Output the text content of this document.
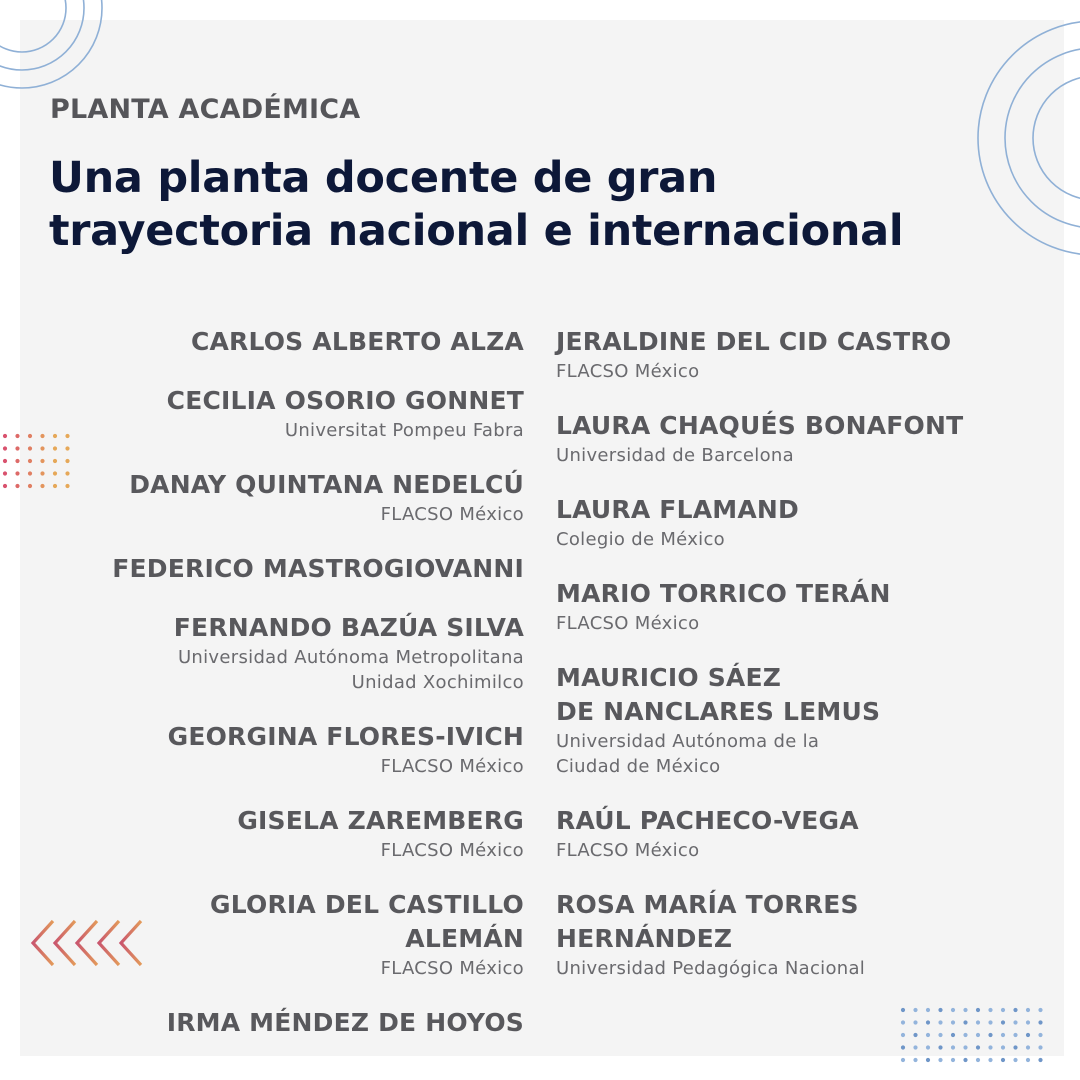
PLANTA ACADÉMICA
Una planta docente de gran
trayectoria nacional e internacional
CARLOS ALBERTO ALZA
CECILIA OSORIO GONNET
Universitat Pompeu Fabra
DANAY QUINTANA NEDELCÚ
FLACSO México
FEDERICO MASTROGIOVANNI
FERNANDO BAZÚA SILVA
Universidad Autónoma Metropolitana
Unidad Xochimilco
GEORGINA FLORES-IVICH
FLACSO México
GISELA ZAREMBERG
FLACSO México
GLORIA DEL CASTILLO
ALEMÁN
FLACSO México
IRMA MÉNDEZ DE HOYOS
JERALDINE DEL CID CASTRO
FLACSO México
LAURA CHAQUÉS BONAFONT
Universidad de Barcelona
LAURA FLAMAND
Colegio de México
MARIO TORRICO TERÁN
FLACSO México
MAURICIO SÁEZ
DE NANCLARES LEMUS
Universidad Autónoma de la
Ciudad de México
RAÚL PACHECO-VEGA
FLACSO México
ROSA MARÍA TORRES
HERNÁNDEZ
Universidad Pedagógica Nacional
